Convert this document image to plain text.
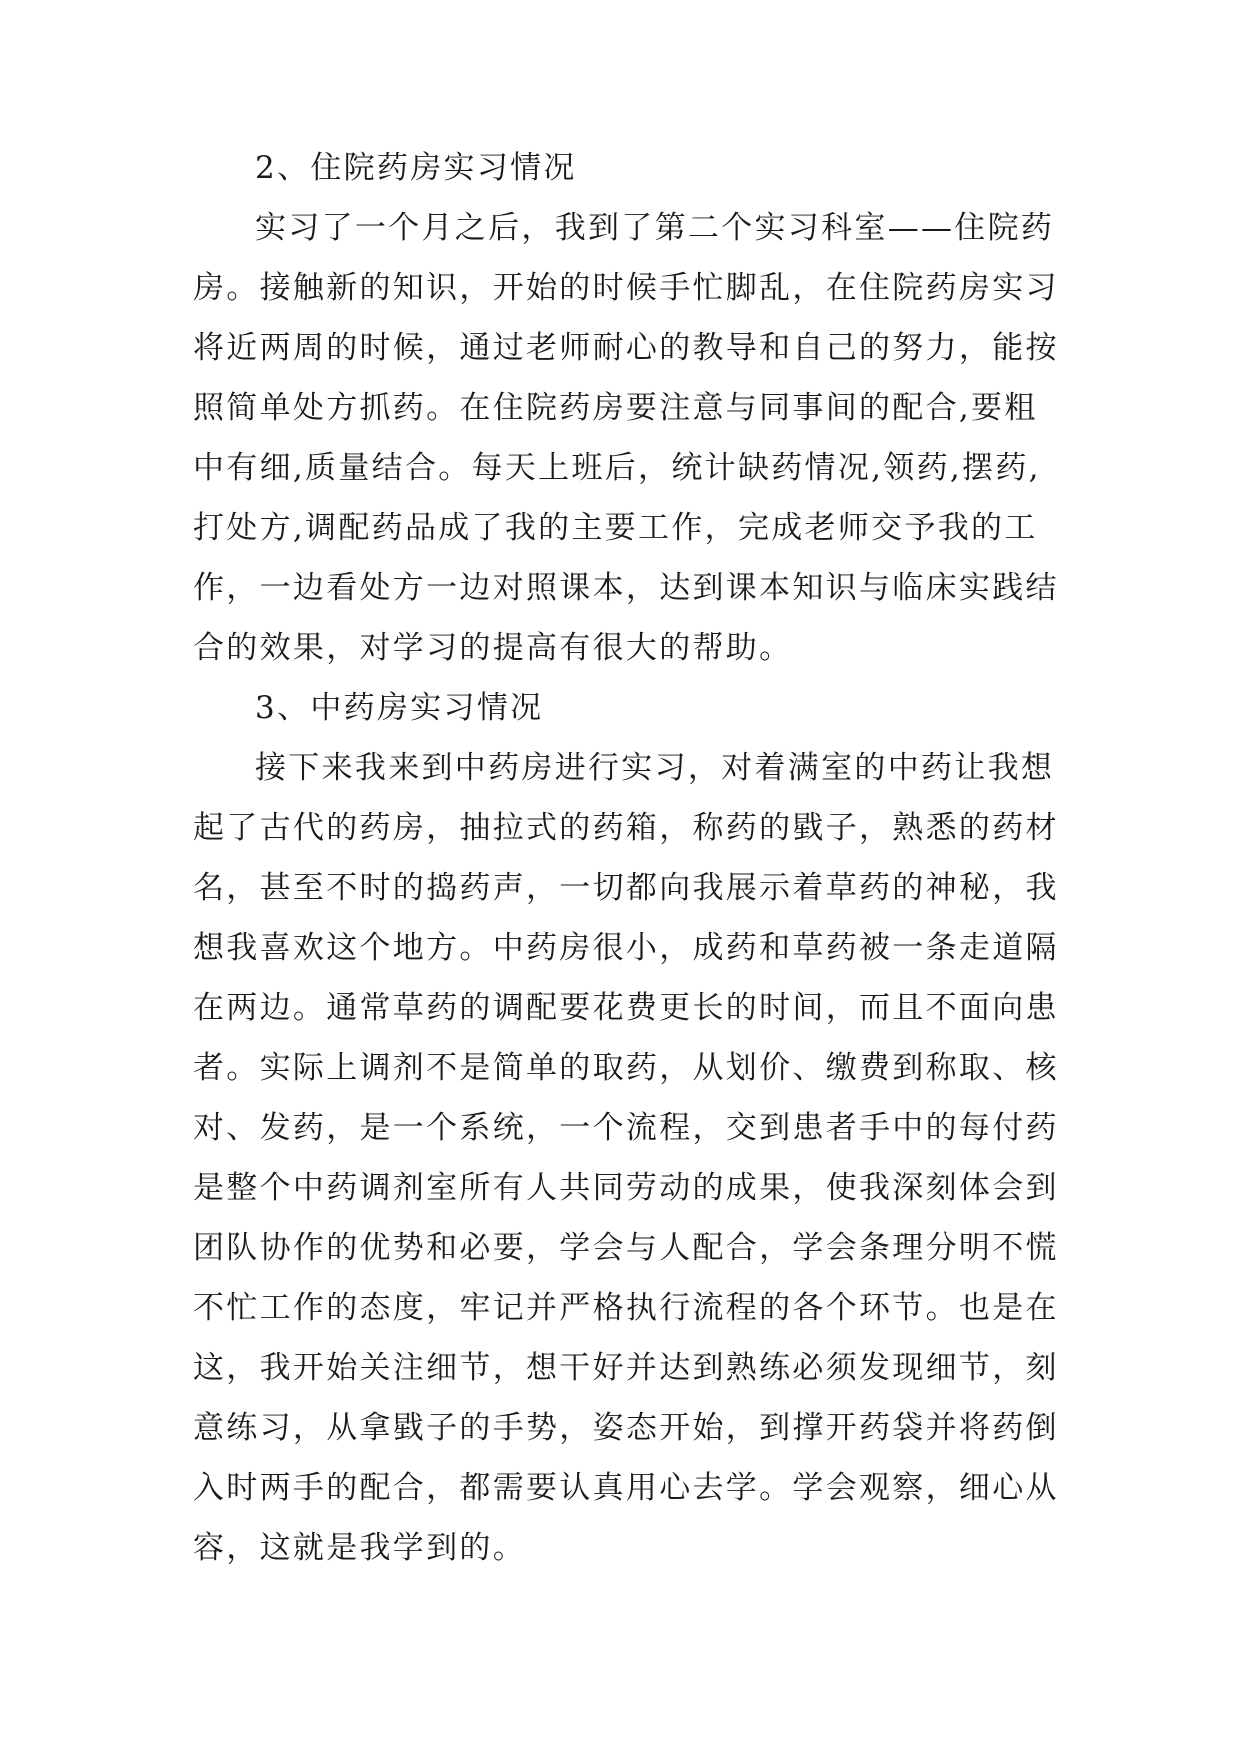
2、住院药房实习情况
实习了一个月之后，我到了第二个实习科室——住院药
房。接触新的知识，开始的时候手忙脚乱，在住院药房实习
将近两周的时候，通过老师耐心的教导和自己的努力，能按
照简单处方抓药。在住院药房要注意与同事间的配合,要粗
中有细,质量结合。每天上班后，统计缺药情况,领药,摆药,
打处方,调配药品成了我的主要工作，完成老师交予我的工
作，一边看处方一边对照课本，达到课本知识与临床实践结
合的效果，对学习的提高有很大的帮助。
3、中药房实习情况
接下来我来到中药房进行实习，对着满室的中药让我想
起了古代的药房，抽拉式的药箱，称药的戥子，熟悉的药材
名，甚至不时的捣药声，一切都向我展示着草药的神秘，我
想我喜欢这个地方。中药房很小，成药和草药被一条走道隔
在两边。通常草药的调配要花费更长的时间，而且不面向患
者。实际上调剂不是简单的取药，从划价、缴费到称取、核
对、发药，是一个系统，一个流程，交到患者手中的每付药
是整个中药调剂室所有人共同劳动的成果，使我深刻体会到
团队协作的优势和必要，学会与人配合，学会条理分明不慌
不忙工作的态度，牢记并严格执行流程的各个环节。也是在
这，我开始关注细节，想干好并达到熟练必须发现细节，刻
意练习，从拿戥子的手势，姿态开始，到撑开药袋并将药倒
入时两手的配合，都需要认真用心去学。学会观察，细心从
容，这就是我学到的。
